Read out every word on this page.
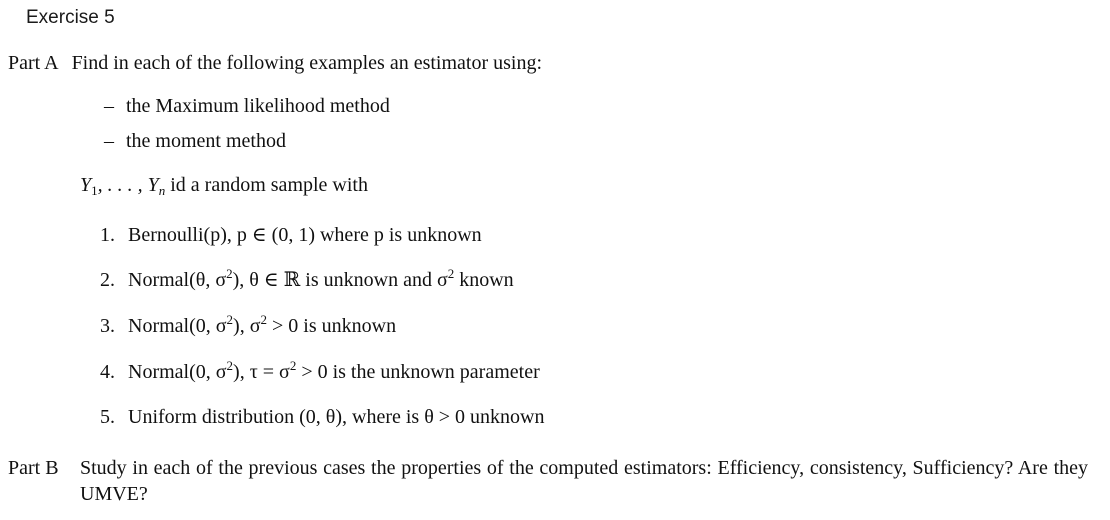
Exercise 5
Part A Find in each of the following examples an estimator using:
– the Maximum likelihood method
– the moment method
$Y_1$, . . . , $Y_n$ id a random sample with
1. Bernoulli(p), p ∈ (0, 1) where p is unknown
2. Normal(θ, $\sigma^2$), θ ∈ ℝ is unknown and $\sigma^2$ known
3. Normal(0, $\sigma^2$), $\sigma^2 > 0$ is unknown
4. Normal(0, $\sigma^2$), $\tau = \sigma^2 > 0$ is the unknown parameter
5. Uniform distribution (0, θ), where is θ > 0 unknown
Part B Study in each of the previous cases the properties of the computed estimators: Efficiency, consistency, Sufficiency? Are they UMVE?
